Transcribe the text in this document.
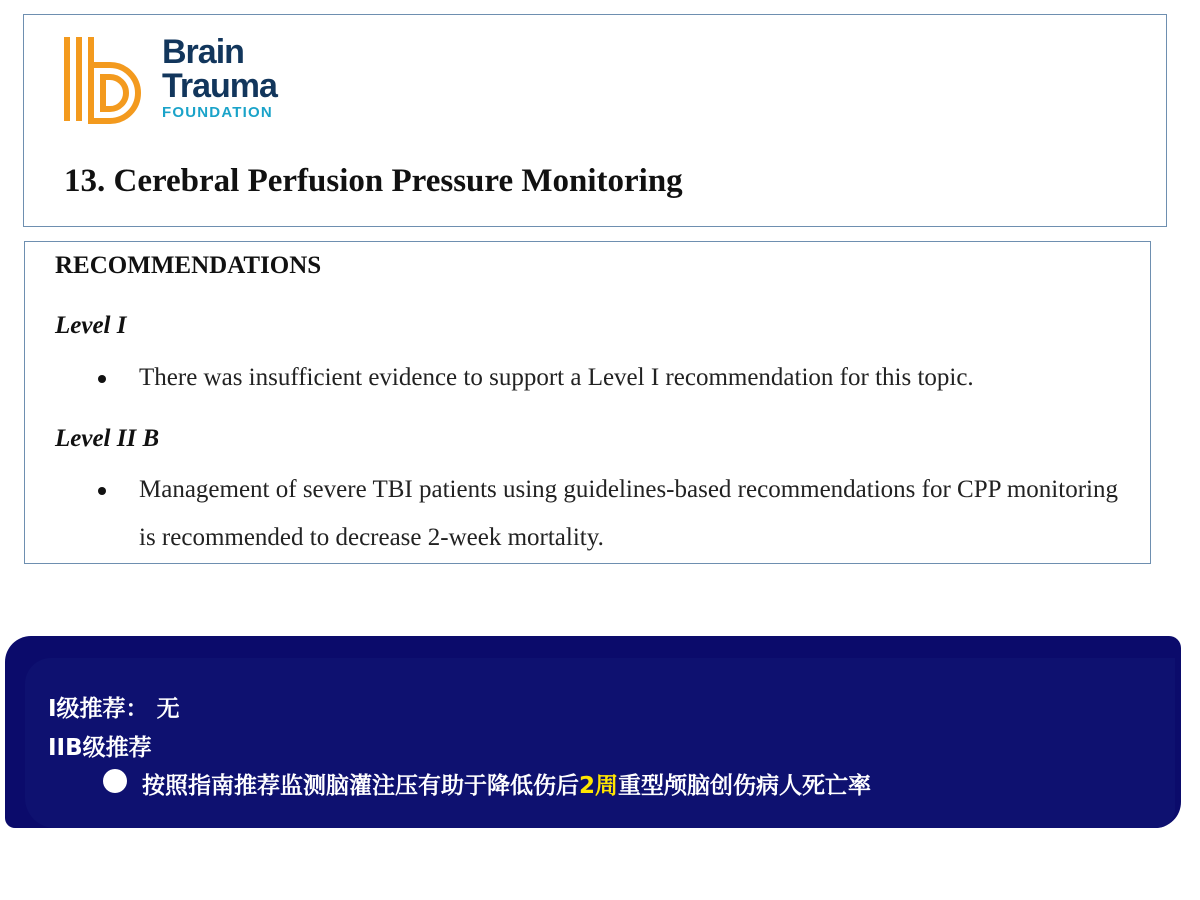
Brain
Trauma
FOUNDATION
13. Cerebral Perfusion Pressure Monitoring
RECOMMENDATIONS
Level I
There was insufficient evidence to support a Level I recommendation for this topic.
Level II B
Management of severe TBI patients using guidelines-based recommendations for CPP monitoring is recommended to decrease 2-week mortality.
I级推荐： 无
IIB级推荐
按照指南推荐监测脑灌注压有助于降低伤后2周重型颅脑创伤病人死亡率
